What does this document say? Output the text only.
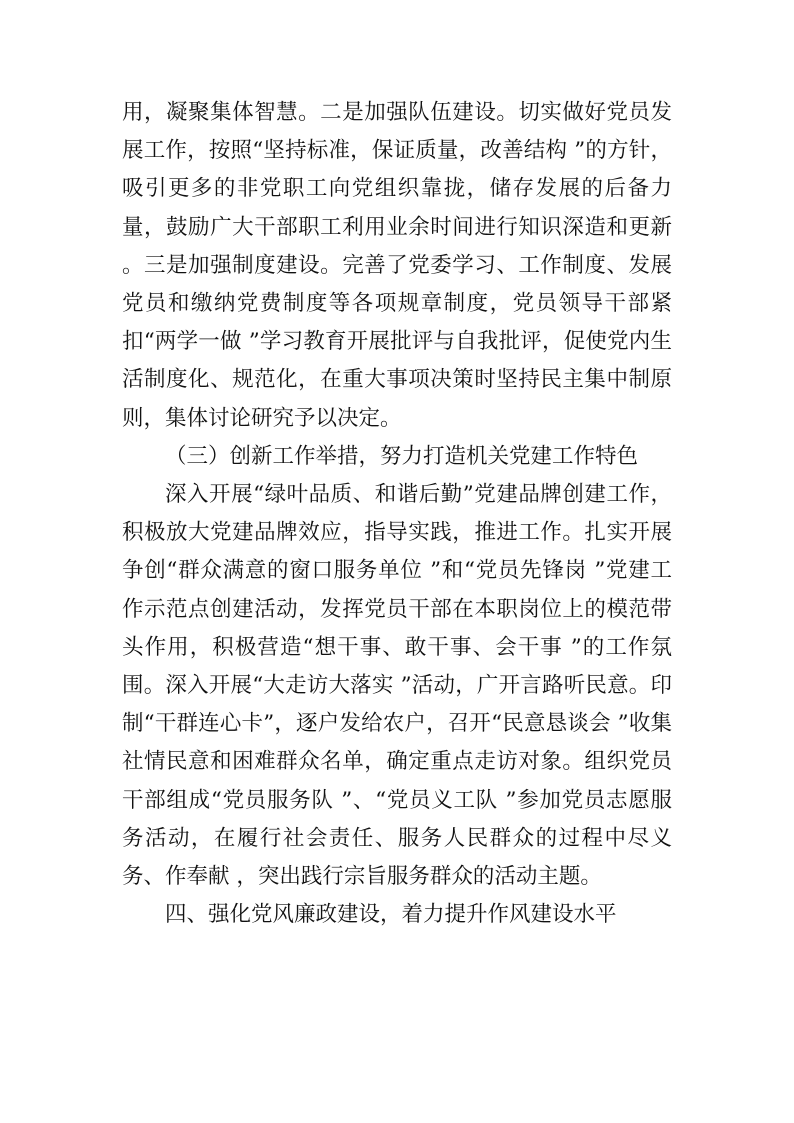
用，凝聚集体智慧。二是加强队伍建设。切实做好党员发展工作，按照“坚持标准，保证质量，改善结构 ”的方针，吸引更多的非党职工向党组织靠拢，储存发展的后备力量，鼓励广大干部职工利用业余时间进行知识深造和更新 。三是加强制度建设。完善了党委学习、工作制度、发展党员和缴纳党费制度等各项规章制度，党员领导干部紧扣“两学一做 ”学习教育开展批评与自我批评，促使党内生活制度化、规范化，在重大事项决策时坚持民主集中制原则，集体讨论研究予以决定。

（三）创新工作举措，努力打造机关党建工作特色

深入开展“绿叶品质、和谐后勤”党建品牌创建工作，积极放大党建品牌效应，指导实践，推进工作。扎实开展争创“群众满意的窗口服务单位 ”和“党员先锋岗 ”党建工作示范点创建活动，发挥党员干部在本职岗位上的模范带头作用，积极营造“想干事、敢干事、会干事 ”的工作氛围。深入开展“大走访大落实 ”活动，广开言路听民意。印制“干群连心卡”，逐户发给农户，召开“民意恳谈会 ”收集社情民意和困难群众名单，确定重点走访对象。组织党员干部组成“党员服务队 ”、“党员义工队 ”参加党员志愿服务活动，在履行社会责任、服务人民群众的过程中尽义务、作奉献 ，突出践行宗旨服务群众的活动主题。

四、强化党风廉政建设，着力提升作风建设水平
